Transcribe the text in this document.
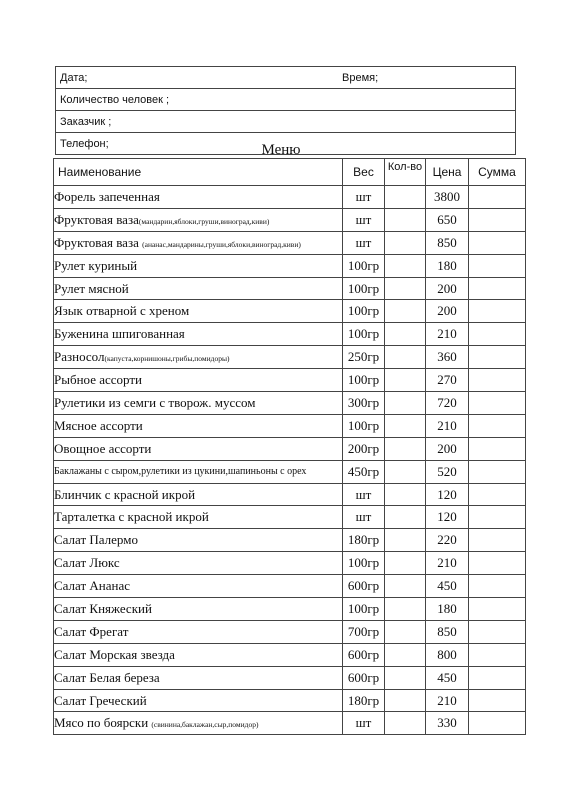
Дата;	Время;

Количество человек ;
Заказчик ;
Телефон;	Меню
Наименование	Вес	Кол-во	Цена	Сумма
Форель запеченная	шт		3800	
Фруктовая ваза(мандарин,яблоки,груши,виноград,киви)	шт		650	
Фруктовая ваза (ананас,мандарины,груши,яблоки,виноград,киви)	шт		850	
Рулет куриный	100гр		180	
Рулет мясной	100гр		200	
Язык отварной с хреном	100гр		200	
Буженина шпигованная	100гр		210	
Разносол(капуста,корнишоны,грибы,помидоры)	250гр		360	
Рыбное ассорти	100гр		270	
Рулетики из семги с творож. муссом	300гр		720	
Мясное ассорти	100гр		210	
Овощное ассорти	200гр		200	
Баклажаны с сыром,рулетики из цукини,шапиньоны с орех	450гр		520	
Блинчик с красной икрой	шт		120	
Тарталетка с красной икрой	шт		120	
Салат Палермо	180гр		220	
Салат Люкс	100гр		210	
Салат Ананас	600гр		450	
Салат Княжеский	100гр		180	
Салат Фрегат	700гр		850	
Салат Морская звезда	600гр		800	
Салат Белая береза	600гр		450	
Салат Греческий	180гр		210	
Мясо по боярски (свинина,баклажан,сыр,помидор)	шт		330	
